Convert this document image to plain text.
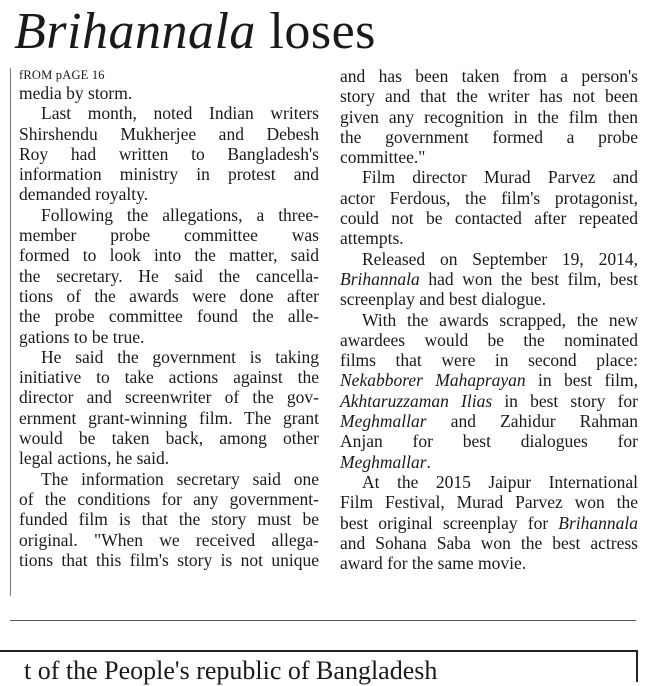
Brihannala loses
fROM pAGE 16
media by storm.
Last month, noted Indian writers
Shirshendu Mukherjee and Debesh
Roy had written to Bangladesh's
information ministry in protest and
demanded royalty.
Following the allegations, a three-
member probe committee was
formed to look into the matter, said
the secretary. He said the cancella-
tions of the awards were done after
the probe committee found the alle-
gations to be true.
He said the government is taking
initiative to take actions against the
director and screenwriter of the gov-
ernment grant-winning film. The grant
would be taken back, among other
legal actions, he said.
The information secretary said one
of the conditions for any government-
funded film is that the story must be
original. "When we received allega-
tions that this film's story is not unique
and has been taken from a person's
story and that the writer has not been
given any recognition in the film then
the government formed a probe
committee."
Film director Murad Parvez and
actor Ferdous, the film's protagonist,
could not be contacted after repeated
attempts.
Released on September 19, 2014,
Brihannala had won the best film, best
screenplay and best dialogue.
With the awards scrapped, the new
awardees would be the nominated
films that were in second place:
Nekabborer Mahaprayan in best film,
Akhtaruzzaman Ilias in best story for
Meghmallar and Zahidur Rahman
Anjan for best dialogues for
Meghmallar.
At the 2015 Jaipur International
Film Festival, Murad Parvez won the
best original screenplay for Brihannala
and Sohana Saba won the best actress
award for the same movie.
t of the People's republic of Bangladesh
